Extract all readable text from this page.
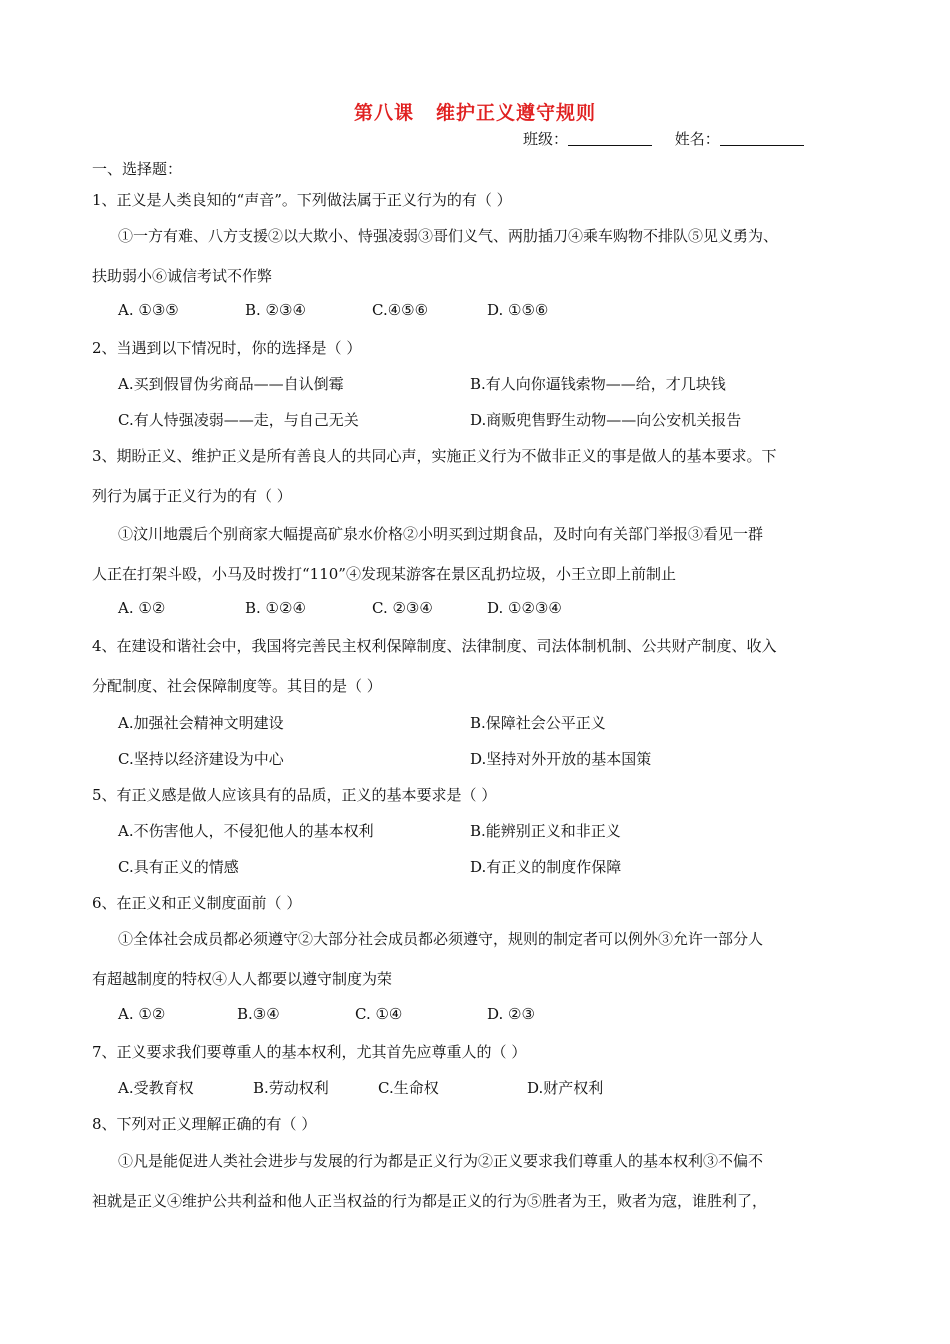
第八课 维护正义遵守规则
班级：	姓名：
一、选择题：
1、正义是人类良知的“声音”。下列做法属于正义行为的有（ ）
①一方有难、八方支援②以大欺小、恃强凌弱③哥们义气、两肋插刀④乘车购物不排队⑤见义勇为、
扶助弱小⑥诚信考试不作弊
A. ①③⑤	B. ②③④	C.④⑤⑥	D. ①⑤⑥
2、当遇到以下情况时，你的选择是（ ）
A.买到假冒伪劣商品——自认倒霉	B.有人向你逼钱索物——给，才几块钱
C.有人恃强凌弱——走，与自己无关	D.商贩兜售野生动物——向公安机关报告
3、期盼正义、维护正义是所有善良人的共同心声，实施正义行为不做非正义的事是做人的基本要求。下
列行为属于正义行为的有（ ）
①汶川地震后个别商家大幅提高矿泉水价格②小明买到过期食品，及时向有关部门举报③看见一群
人正在打架斗殴，小马及时拨打“110”④发现某游客在景区乱扔垃圾，小王立即上前制止
A. ①②	B. ①②④	C. ②③④	D. ①②③④
4、在建设和谐社会中，我国将完善民主权利保障制度、法律制度、司法体制机制、公共财产制度、收入
分配制度、社会保障制度等。其目的是（ ）
A.加强社会精神文明建设	B.保障社会公平正义
C.坚持以经济建设为中心	D.坚持对外开放的基本国策
5、有正义感是做人应该具有的品质，正义的基本要求是（ ）
A.不伤害他人，不侵犯他人的基本权利	B.能辨别正义和非正义
C.具有正义的情感	D.有正义的制度作保障
6、在正义和正义制度面前（ ）
①全体社会成员都必须遵守②大部分社会成员都必须遵守，规则的制定者可以例外③允许一部分人
有超越制度的特权④人人都要以遵守制度为荣
A. ①②	B.③④	C. ①④	D. ②③
7、正义要求我们要尊重人的基本权利，尤其首先应尊重人的（ ）
A.受教育权	B.劳动权利	C.生命权	D.财产权利
8、下列对正义理解正确的有（ ）
①凡是能促进人类社会进步与发展的行为都是正义行为②正义要求我们尊重人的基本权利③不偏不
袒就是正义④维护公共利益和他人正当权益的行为都是正义的行为⑤胜者为王，败者为寇，谁胜利了，
